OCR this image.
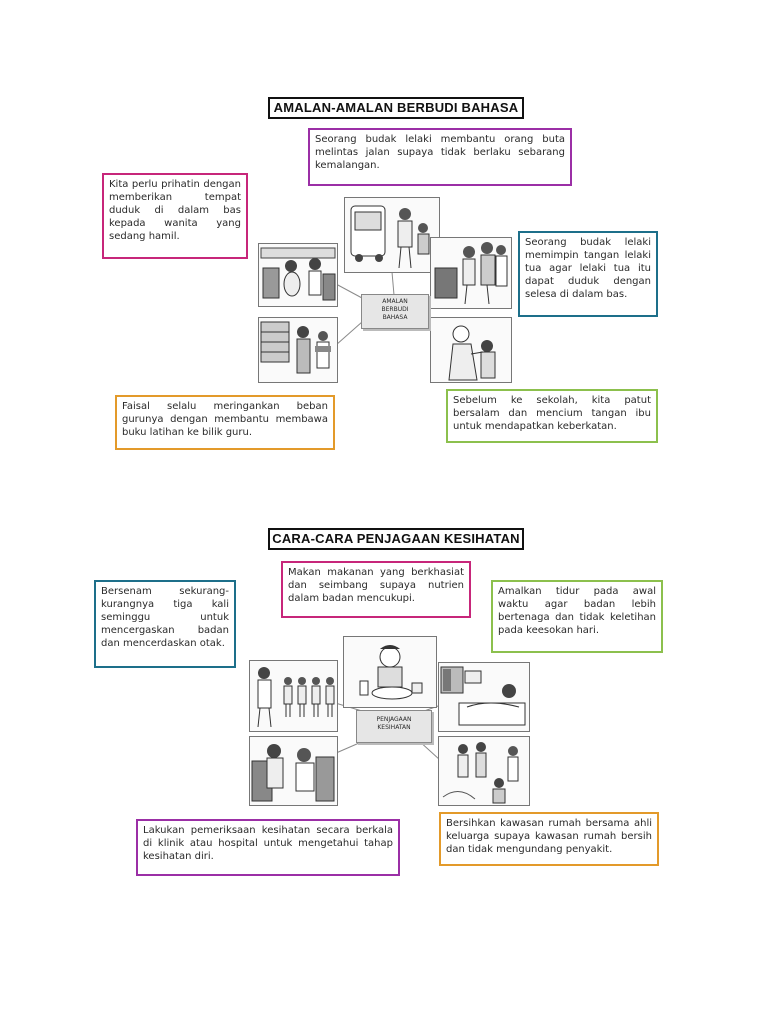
AMALAN-AMALAN BERBUDI BAHASA
Seorang budak lelaki membantu orang buta melintas jalan supaya tidak berlaku sebarang kemalangan.
Kita perlu prihatin dengan memberikan tempat duduk di dalam bas kepada wanita yang sedang hamil.
Seorang budak lelaki memimpin tangan lelaki tua agar lelaki tua itu dapat duduk dengan selesa di dalam bas.
Faisal selalu meringankan beban gurunya dengan membantu membawa buku latihan ke bilik guru.
Sebelum ke sekolah, kita patut bersalam dan mencium tangan ibu untuk mendapatkan keberkatan.
AMALAN
BERBUDI
BAHASA
CARA-CARA PENJAGAAN KESIHATAN
Makan makanan yang berkhasiat dan seimbang supaya nutrien dalam badan mencukupi.
Bersenam sekurang-kurangnya tiga kali seminggu untuk mencergaskan badan dan mencerdaskan otak.
Amalkan tidur pada awal waktu agar badan lebih bertenaga dan tidak keletihan pada keesokan hari.
Lakukan pemeriksaan kesihatan secara berkala di klinik atau hospital untuk mengetahui tahap kesihatan diri.
Bersihkan kawasan rumah bersama ahli keluarga supaya kawasan rumah bersih dan tidak mengundang penyakit.
PENJAGAAN
KESIHATAN
